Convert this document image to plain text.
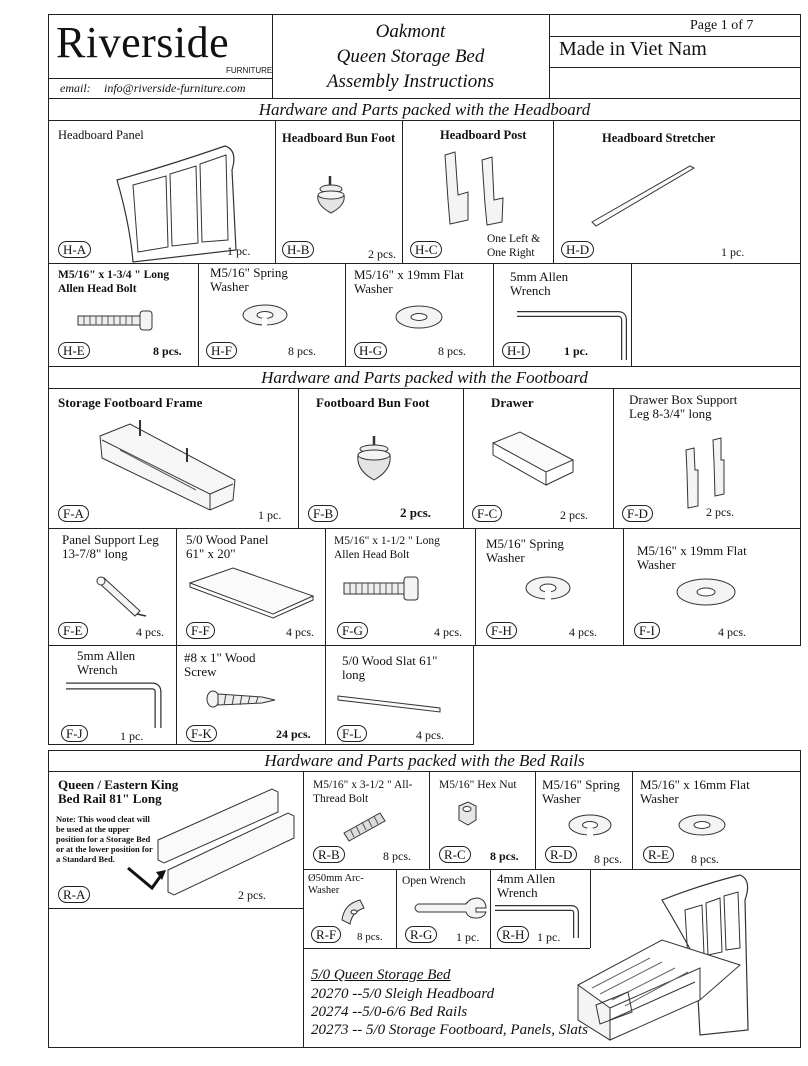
Riverside
FURNITURE
email: info@riverside-furniture.com
Oakmont
Queen Storage Bed
Assembly Instructions
Page 1 of 7
Made in Viet Nam
Hardware and Parts packed with the Headboard
Headboard Panel
H-A	1 pc.
Headboard Bun Foot
H-B	2 pcs.
Headboard Post
H-C
One Left & One Right
Headboard Stretcher
H-D	1 pc.
M5/16" x 1-3/4 " Long Allen Head Bolt
H-E	8 pcs.
M5/16" Spring Washer
H-F	8 pcs.
M5/16" x 19mm Flat Washer
H-G	8 pcs.
5mm Allen Wrench
H-I	1 pc.
Hardware and Parts packed with the Footboard
Storage Footboard Frame
F-A	1 pc.
Footboard Bun Foot
F-B	2 pcs.
Drawer
F-C	2 pcs.
Drawer Box Support Leg 8-3/4" long
F-D	2 pcs.
Panel Support Leg 13-7/8" long
F-E	4 pcs.
5/0 Wood Panel 61" x 20"
F-F	4 pcs.
M5/16" x 1-1/2 " Long Allen Head Bolt
F-G	4 pcs.
M5/16" Spring Washer
F-H	4 pcs.
M5/16" x 19mm Flat Washer
F-I	4 pcs.
5mm Allen Wrench
F-J	1 pc.
#8 x 1" Wood Screw
F-K	24 pcs.
5/0 Wood Slat 61" long
F-L	4 pcs.
Hardware and Parts packed with the Bed Rails
Queen / Eastern King Bed Rail 81" Long
Note: This wood cleat will be used at the upper position for a Storage Bed or at the lower position for a Standard Bed.
R-A	2 pcs.
M5/16" x 3-1/2 " All-Thread Bolt
R-B	8 pcs.
M5/16" Hex Nut
R-C	8 pcs.
M5/16" Spring Washer
R-D	8 pcs.
M5/16" x 16mm Flat Washer
R-E	8 pcs.
Ø50mm Arc-Washer
R-F	8 pcs.
Open Wrench
R-G	1 pc.
4mm Allen Wrench
R-H	1 pc.
5/0 Queen Storage Bed
20270 --5/0 Sleigh Headboard
20274 --5/0-6/6 Bed Rails
20273 -- 5/0 Storage Footboard, Panels, Slats
